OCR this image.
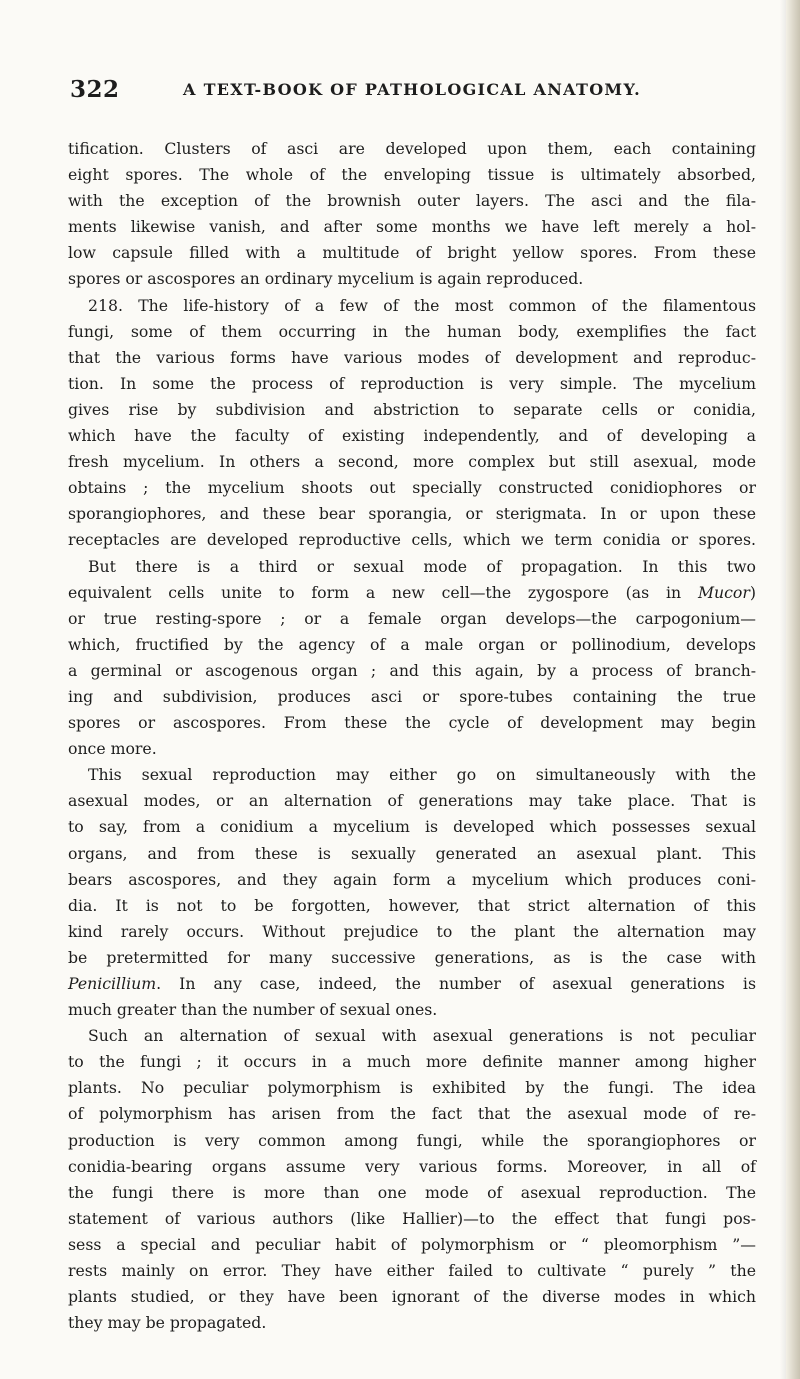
322	A TEXT-BOOK OF PATHOLOGICAL ANATOMY.
tification. Clusters of asci are developed upon them, each containing
eight spores. The whole of the enveloping tissue is ultimately absorbed,
with the exception of the brownish outer layers. The asci and the fila-
ments likewise vanish, and after some months we have left merely a hol-
low capsule filled with a multitude of bright yellow spores. From these
spores or ascospores an ordinary mycelium is again reproduced.
218. The life-history of a few of the most common of the filamentous
fungi, some of them occurring in the human body, exemplifies the fact
that the various forms have various modes of development and reproduc-
tion. In some the process of reproduction is very simple. The mycelium
gives rise by subdivision and abstriction to separate cells or conidia,
which have the faculty of existing independently, and of developing a
fresh mycelium. In others a second, more complex but still asexual, mode
obtains ; the mycelium shoots out specially constructed conidiophores or
sporangiophores, and these bear sporangia, or sterigmata. In or upon these
receptacles are developed reproductive cells, which we term conidia or spores.
But there is a third or sexual mode of propagation. In this two
equivalent cells unite to form a new cell—the zygospore (as in Mucor)
or true resting-spore ; or a female organ develops—the carpogonium—
which, fructified by the agency of a male organ or pollinodium, develops
a germinal or ascogenous organ ; and this again, by a process of branch-
ing and subdivision, produces asci or spore-tubes containing the true
spores or ascospores. From these the cycle of development may begin
once more.
This sexual reproduction may either go on simultaneously with the
asexual modes, or an alternation of generations may take place. That is
to say, from a conidium a mycelium is developed which possesses sexual
organs, and from these is sexually generated an asexual plant. This
bears ascospores, and they again form a mycelium which produces coni-
dia. It is not to be forgotten, however, that strict alternation of this
kind rarely occurs. Without prejudice to the plant the alternation may
be pretermitted for many successive generations, as is the case with
Penicillium. In any case, indeed, the number of asexual generations is
much greater than the number of sexual ones.
Such an alternation of sexual with asexual generations is not peculiar
to the fungi ; it occurs in a much more definite manner among higher
plants. No peculiar polymorphism is exhibited by the fungi. The idea
of polymorphism has arisen from the fact that the asexual mode of re-
production is very common among fungi, while the sporangiophores or
conidia-bearing organs assume very various forms. Moreover, in all of
the fungi there is more than one mode of asexual reproduction. The
statement of various authors (like Hallier)—to the effect that fungi pos-
sess a special and peculiar habit of polymorphism or “ pleomorphism ”—
rests mainly on error. They have either failed to cultivate “ purely ” the
plants studied, or they have been ignorant of the diverse modes in which
they may be propagated.
